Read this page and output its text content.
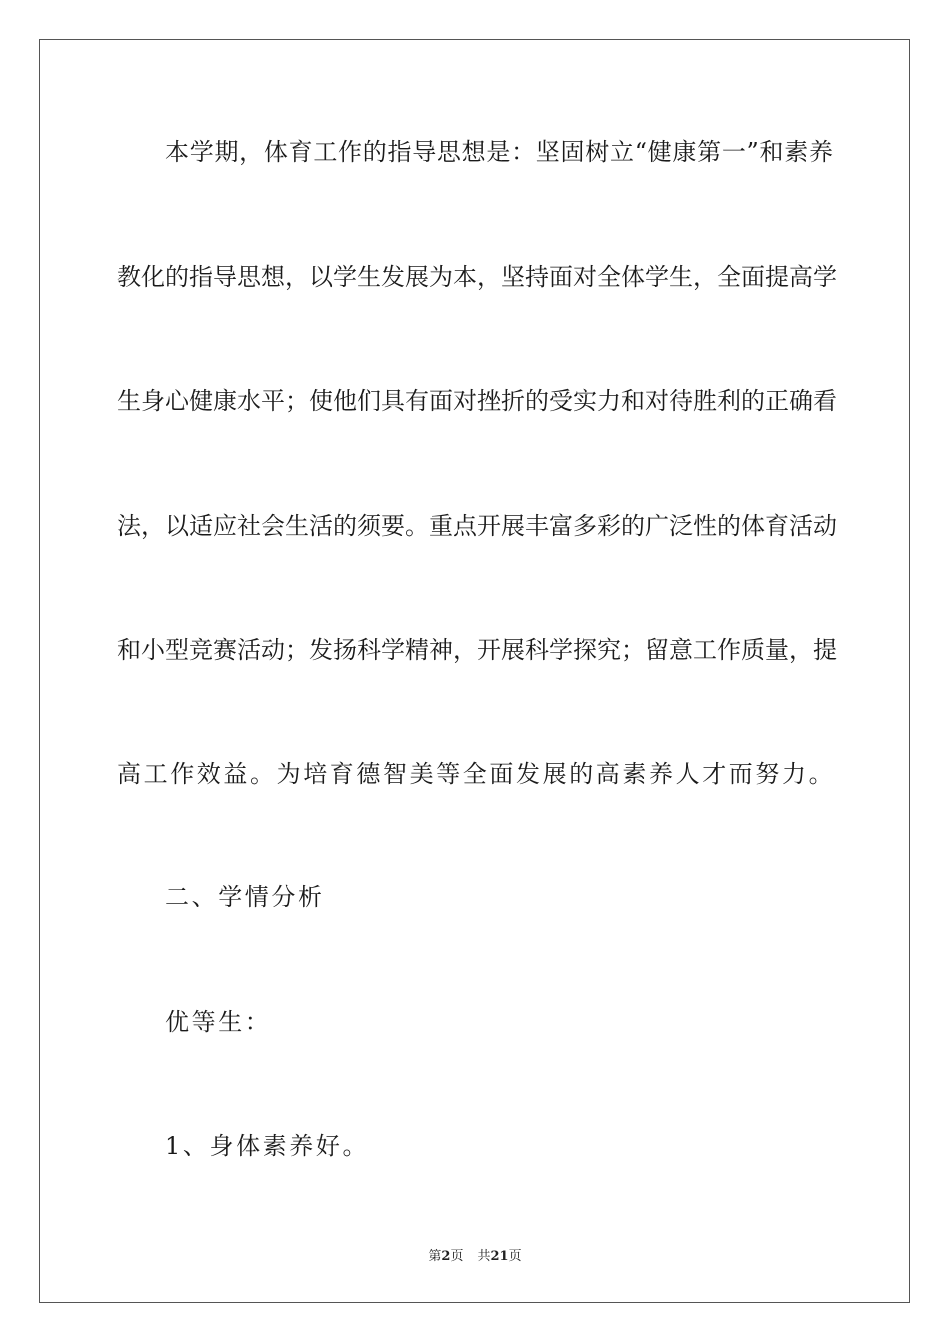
本学期，体育工作的指导思想是：坚固树立“健康第一”和素养
教化的指导思想，以学生发展为本，坚持面对全体学生，全面提高学
生身心健康水平；使他们具有面对挫折的受实力和对待胜利的正确看
法，以适应社会生活的须要。重点开展丰富多彩的广泛性的体育活动
和小型竞赛活动；发扬科学精神，开展科学探究；留意工作质量，提
高工作效益。为培育德智美等全面发展的高素养人才而努力。
二、学情分析
优等生：
1、身体素养好。
第2页 共21页
